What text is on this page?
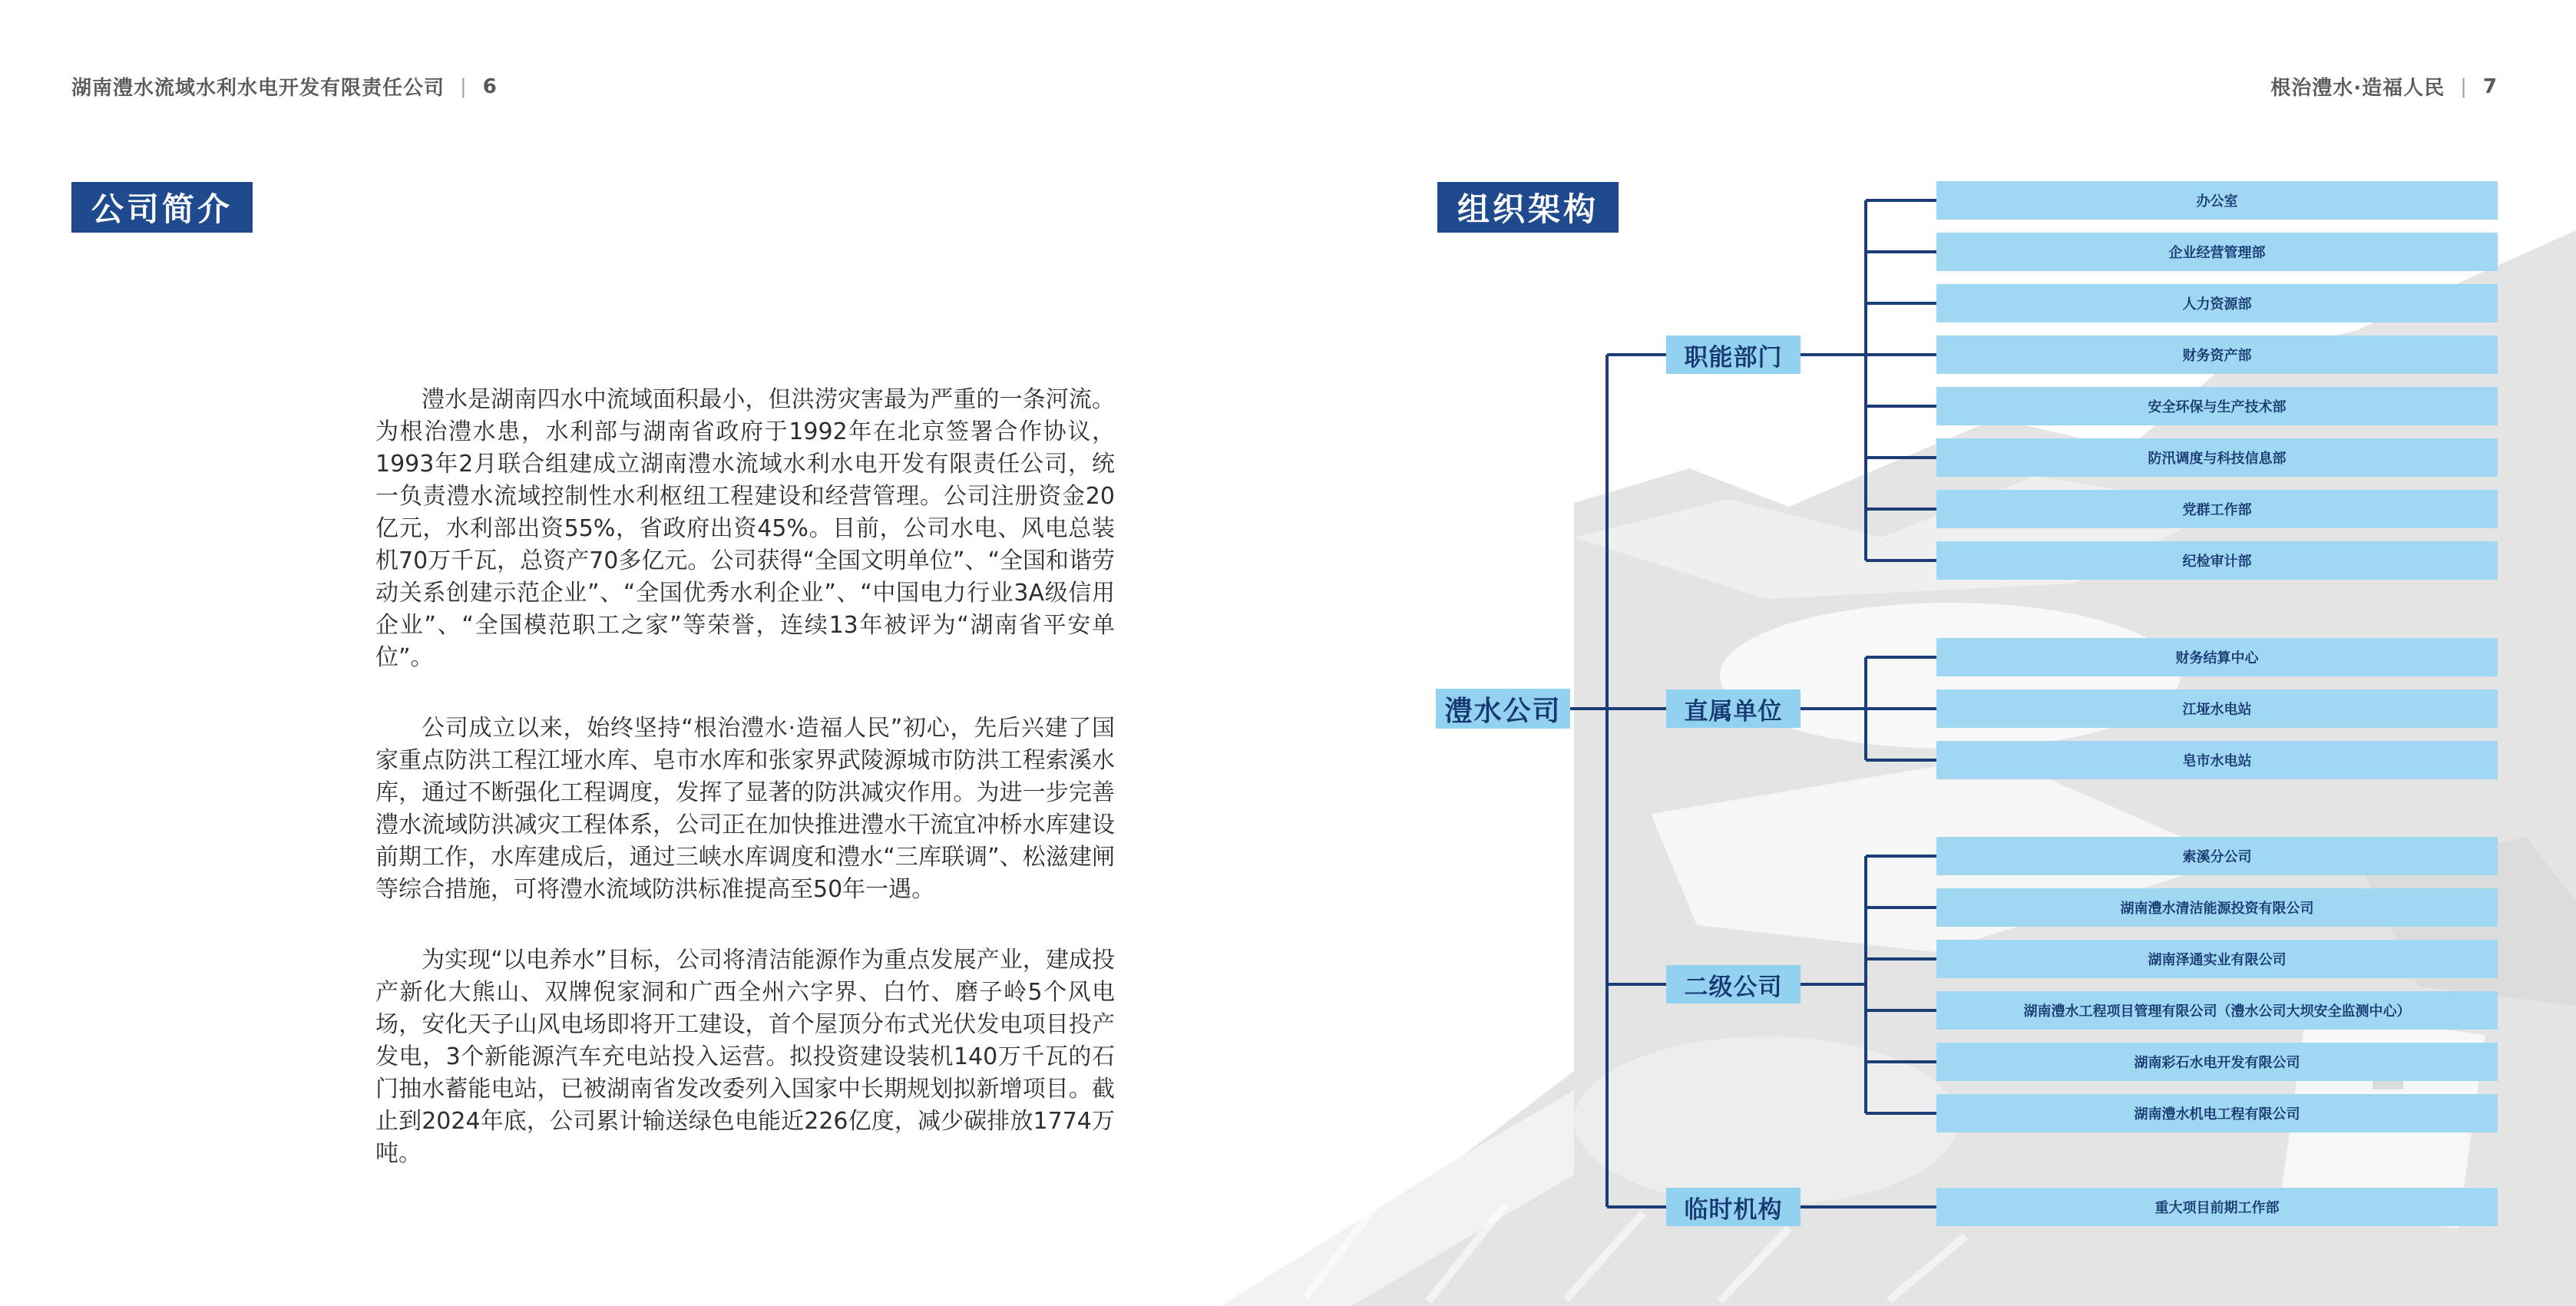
湖南澧水流域水利水电开发有限责任公司 | 6
公司简介

澧水是湖南四水中流域面积最小，但洪涝灾害最为严重的一条河流。为根治澧水患，水利部与湖南省政府于1992年在北京签署合作协议，1993年2月联合组建成立湖南澧水流域水利水电开发有限责任公司，统一负责澧水流域控制性水利枢纽工程建设和经营管理。公司注册资金20亿元，水利部出资55%，省政府出资45%。目前，公司水电、风电总装机70万千瓦，总资产70多亿元。公司获得“全国文明单位”、“全国和谐劳动关系创建示范企业”、“全国优秀水利企业”、“中国电力行业3A级信用企业”、“全国模范职工之家”等荣誉，连续13年被评为“湖南省平安单位”。

公司成立以来，始终坚持“根治澧水·造福人民”初心，先后兴建了国家重点防洪工程江垭水库、皂市水库和张家界武陵源城市防洪工程索溪水库，通过不断强化工程调度，发挥了显著的防洪减灾作用。为进一步完善澧水流域防洪减灾工程体系，公司正在加快推进澧水干流宜冲桥水库建设前期工作，水库建成后，通过三峡水库调度和澧水“三库联调”、松滋建闸等综合措施，可将澧水流域防洪标准提高至50年一遇。

为实现“以电养水”目标，公司将清洁能源作为重点发展产业，建成投产新化大熊山、双牌倪家洞和广西全州六字界、白竹、磨子岭5个风电场，安化天子山风电场即将开工建设，首个屋顶分布式光伏发电项目投产发电，3个新能源汽车充电站投入运营。拟投资建设装机140万千瓦的石门抽水蓄能电站，已被湖南省发改委列入国家中长期规划拟新增项目。截止到2024年底，公司累计输送绿色电能近226亿度，减少碳排放1774万吨。

根治澧水·造福人民 | 7
组织架构
澧水公司
职能部门
办公室
企业经营管理部
人力资源部
财务资产部
安全环保与生产技术部
防汛调度与科技信息部
党群工作部
纪检审计部
直属单位
财务结算中心
江垭水电站
皂市水电站
二级公司
索溪分公司
湖南澧水清洁能源投资有限公司
湖南泽通实业有限公司
湖南澧水工程项目管理有限公司（澧水公司大坝安全监测中心）
湖南彩石水电开发有限公司
湖南澧水机电工程有限公司
临时机构	重大项目前期工作部
